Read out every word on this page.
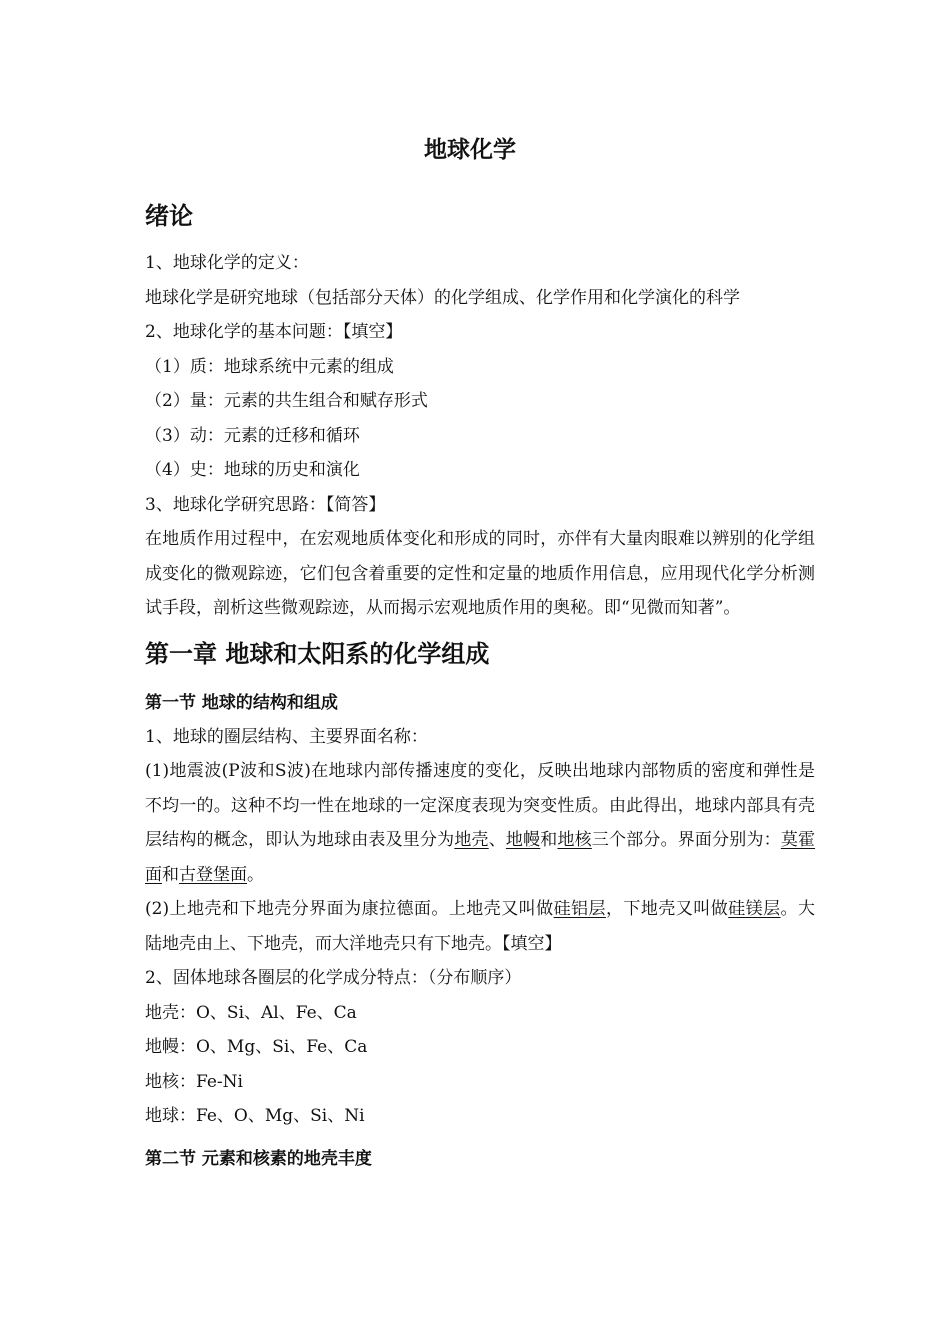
地球化学
绪论

1、地球化学的定义：

地球化学是研究地球（包括部分天体）的化学组成、化学作用和化学演化的科学

2、地球化学的基本问题：【填空】

（1）质：地球系统中元素的组成

（2）量：元素的共生组合和赋存形式

（3）动：元素的迁移和循环

（4）史：地球的历史和演化

3、地球化学研究思路：【简答】

在地质作用过程中，在宏观地质体变化和形成的同时，亦伴有大量肉眼难以辨别的化学组成变化的微观踪迹，它们包含着重要的定性和定量的地质作用信息，应用现代化学分析测试手段，剖析这些微观踪迹，从而揭示宏观地质作用的奥秘。即“见微而知著”。

第一章 地球和太阳系的化学组成
第一节 地球的结构和组成

1、地球的圈层结构、主要界面名称：

(1)地震波(P波和S波)在地球内部传播速度的变化，反映出地球内部物质的密度和弹性是不均一的。这种不均一性在地球的一定深度表现为突变性质。由此得出，地球内部具有壳层结构的概念，即认为地球由表及里分为地壳、地幔和地核三个部分。界面分别为：莫霍面和古登堡面。

(2)上地壳和下地壳分界面为康拉德面。上地壳又叫做硅铝层，下地壳又叫做硅镁层。大陆地壳由上、下地壳，而大洋地壳只有下地壳。【填空】

2、固体地球各圈层的化学成分特点：（分布顺序）

地壳：O、Si、Al、Fe、Ca

地幔：O、Mg、Si、Fe、Ca

地核：Fe-Ni

地球：Fe、O、Mg、Si、Ni

第二节 元素和核素的地壳丰度
